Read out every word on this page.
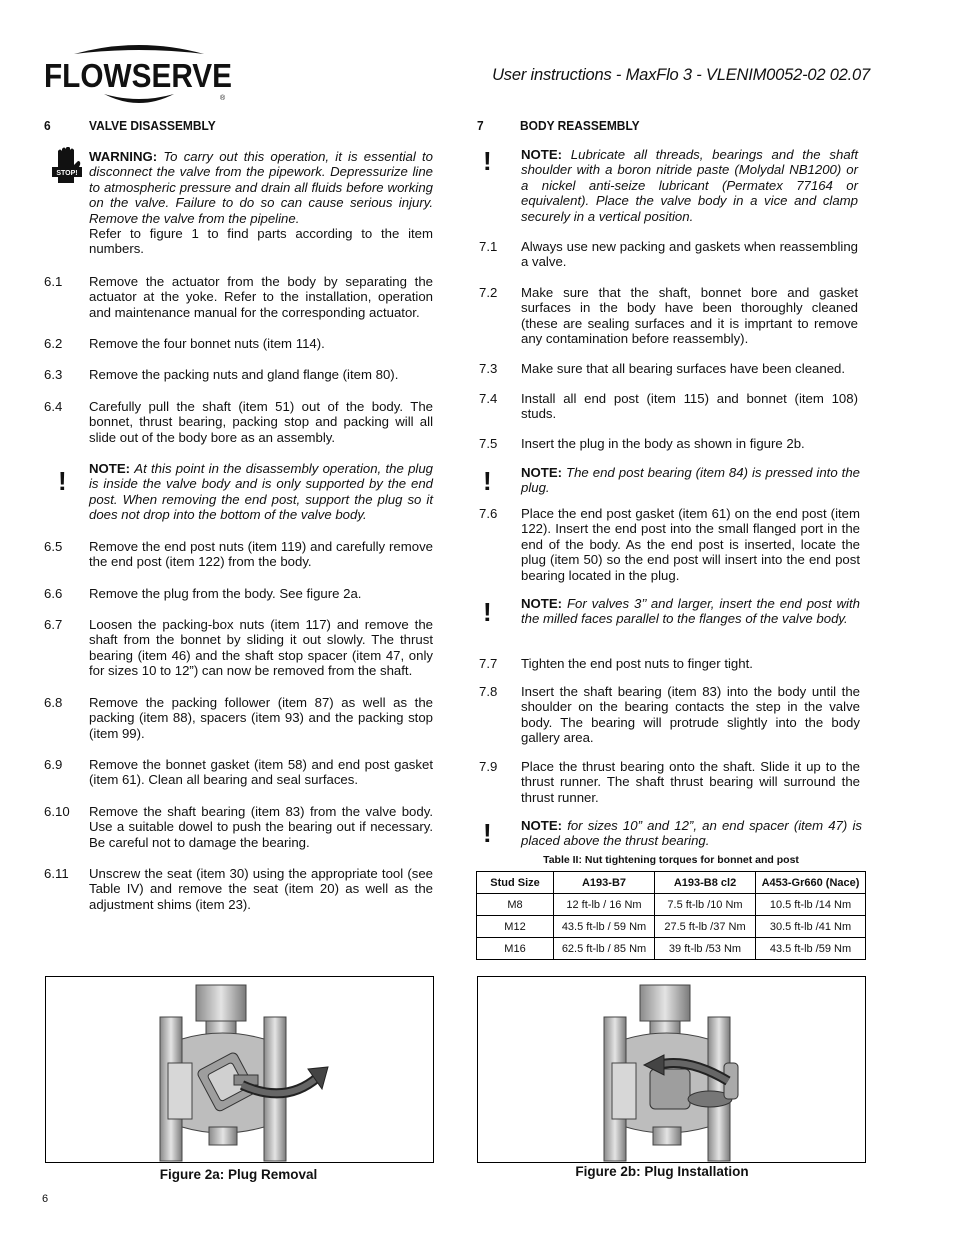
FLOWSERVE
®
User instructions - MaxFlo 3 - VLENIM0052-02 02.07
6	VALVE DISASSEMBLY
STOP!
WARNING: To carry out this operation, it is essential to disconnect the valve from the pipework. Depressurize line to atmospheric pressure and drain all fluids before working on the valve. Failure to do so can cause serious injury. Remove the valve from the pipeline.
Refer to figure 1 to find parts according to the item numbers.
6.1 Remove the actuator from the body by separating the actuator at the yoke. Refer to the installation, operation and maintenance manual for the corresponding actuator.
6.2 Remove the four bonnet nuts (item 114).
6.3 Remove the packing nuts and gland flange (item 80).
6.4 Carefully pull the shaft (item 51) out of the body. The bonnet, thrust bearing, packing stop and packing will all slide out of the body bore as an assembly.
! NOTE: At this point in the disassembly operation, the plug is inside the valve body and is only supported by the end post. When removing the end post, support the plug so it does not drop into the bottom of the valve body.
6.5 Remove the end post nuts (item 119) and carefully remove the end post (item 122) from the body.
6.6 Remove the plug from the body. See figure 2a.
6.7 Loosen the packing-box nuts (item 117) and remove the shaft from the bonnet by sliding it out slowly. The thrust bearing (item 46) and the shaft stop spacer (item 47, only for sizes 10 to 12”) can now be removed from the shaft.
6.8 Remove the packing follower (item 87) as well as the packing (item 88), spacers (item 93) and the packing stop (item 99).
6.9 Remove the bonnet gasket (item 58) and end post gasket (item 61). Clean all bearing and seal surfaces.
6.10 Remove the shaft bearing (item 83) from the valve body. Use a suitable dowel to push the bearing out if necessary. Be careful not to damage the bearing.
6.11 Unscrew the seat (item 30) using the appropriate tool (see Table IV) and remove the seat (item 20) as well as the adjustment shims (item 23).
7	BODY REASSEMBLY
! NOTE: Lubricate all threads, bearings and the shaft shoulder with a boron nitride paste (Molydal NB1200) or a nickel anti-seize lubricant (Permatex 77164 or equivalent). Place the valve body in a vice and clamp securely in a vertical position.
7.1 Always use new packing and gaskets when reassembling a valve.
7.2 Make sure that the shaft, bonnet bore and gasket surfaces in the body have been thoroughly cleaned (these are sealing surfaces and it is imprtant to remove any contamination before reassembly).
7.3 Make sure that all bearing surfaces have been cleaned.
7.4 Install all end post (item 115) and bonnet (item 108) studs.
7.5 Insert the plug in the body as shown in figure 2b.
! NOTE: The end post bearing (item 84) is pressed into the plug.
7.6 Place the end post gasket (item 61) on the end post (item 122). Insert the end post into the small flanged port in the end of the body. As the end post is inserted, locate the plug (item 50) so the end post will insert into the end post bearing located in the plug.
! NOTE: For valves 3’’ and larger, insert the end post with the milled faces parallel to the flanges of the valve body.
7.7 Tighten the end post nuts to finger tight.
7.8 Insert the shaft bearing (item 83) into the body until the shoulder on the bearing contacts the step in the valve body. The bearing will protrude slightly into the body gallery area.
7.9 Place the thrust bearing onto the shaft. Slide it up to the thrust runner. The shaft thrust bearing will surround the thrust runner.
! NOTE: for sizes 10” and 12”, an end spacer (item 47) is placed above the thrust bearing.
Table II: Nut tightening torques for bonnet and post
Stud Size	A193-B7	A193-B8 cl2	A453-Gr660 (Nace)
M8	12 ft-lb / 16 Nm	7.5 ft-lb /10 Nm	10.5 ft-lb /14 Nm
M12	43.5 ft-lb / 59 Nm	27.5 ft-lb /37 Nm	30.5 ft-lb /41 Nm
M16	62.5 ft-lb / 85 Nm	39 ft-lb /53 Nm	43.5 ft-lb /59 Nm
Figure 2a: Plug Removal	Figure 2b: Plug Installation
6
